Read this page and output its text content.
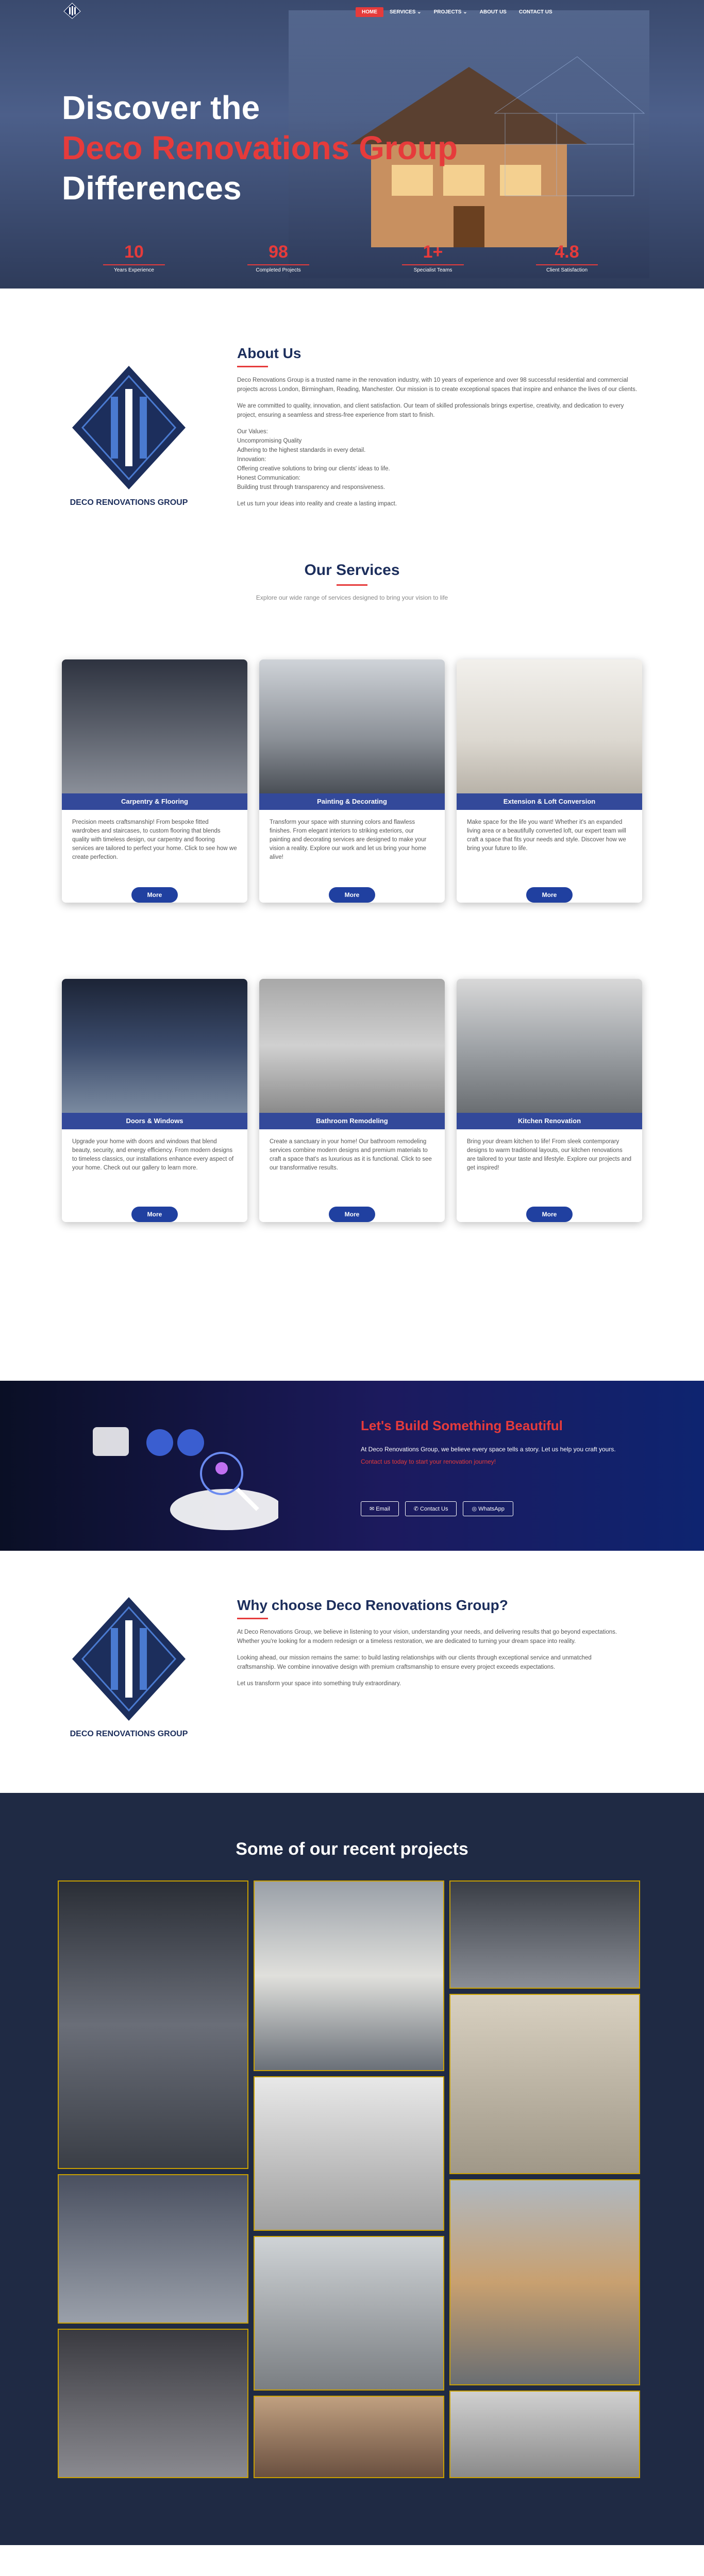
HOME	SERVICES ⌄	PROJECTS ⌄	ABOUT US	CONTACT US
Discover the
Deco Renovations Group
Differences
10
Years Experience
98
Completed Projects
1+
Specialist Teams
4.8
Client Satisfaction
DECO RENOVATIONS GROUP
About Us

Deco Renovations Group is a trusted name in the renovation industry, with 10 years of experience and over 98 successful residential and commercial projects across London, Birmingham, Reading, Manchester. Our mission is to create exceptional spaces that inspire and enhance the lives of our clients.

We are committed to quality, innovation, and client satisfaction. Our team of skilled professionals brings expertise, creativity, and dedication to every project, ensuring a seamless and stress-free experience from start to finish.

Our Values:
Uncompromising Quality
Adhering to the highest standards in every detail.
Innovation:
Offering creative solutions to bring our clients' ideas to life.
Honest Communication:
Building trust through transparency and responsiveness.

Let us turn your ideas into reality and create a lasting impact.

Our Services

Explore our wide range of services designed to bring your vision to life

Carpentry & Flooring
Precision meets craftsmanship! From bespoke fitted wardrobes and staircases, to custom flooring that blends quality with timeless design, our carpentry and flooring services are tailored to perfect your home. Click to see how we create perfection.
More
Painting & Decorating
Transform your space with stunning colors and flawless finishes. From elegant interiors to striking exteriors, our painting and decorating services are designed to make your vision a reality. Explore our work and let us bring your home alive!
More
Extension & Loft Conversion
Make space for the life you want! Whether it's an expanded living area or a beautifully converted loft, our expert team will craft a space that fits your needs and style. Discover how we bring your future to life.
More
Doors & Windows
Upgrade your home with doors and windows that blend beauty, security, and energy efficiency. From modern designs to timeless classics, our installations enhance every aspect of your home. Check out our gallery to learn more.
More
Bathroom Remodeling
Create a sanctuary in your home! Our bathroom remodeling services combine modern designs and premium materials to craft a space that's as luxurious as it is functional. Click to see our transformative results.
More
Kitchen Renovation
Bring your dream kitchen to life! From sleek contemporary designs to warm traditional layouts, our kitchen renovations are tailored to your taste and lifestyle. Explore our projects and get inspired!
More
Let's Build Something Beautiful
At Deco Renovations Group, we believe every space tells a story. Let us help you craft yours.
Contact us today to start your renovation journey!
✉ Email	✆ Contact Us	◎ WhatsApp
DECO RENOVATIONS GROUP
Why choose Deco Renovations Group?

At Deco Renovations Group, we believe in listening to your vision, understanding your needs, and delivering results that go beyond expectations. Whether you're looking for a modern redesign or a timeless restoration, we are dedicated to turning your dream space into reality.

Looking ahead, our mission remains the same: to build lasting relationships with our clients through exceptional service and unmatched craftsmanship. We combine innovative design with premium craftsmanship to ensure every project exceeds expectations.

Let us transform your space into something truly extraordinary.

Some of our recent projects
